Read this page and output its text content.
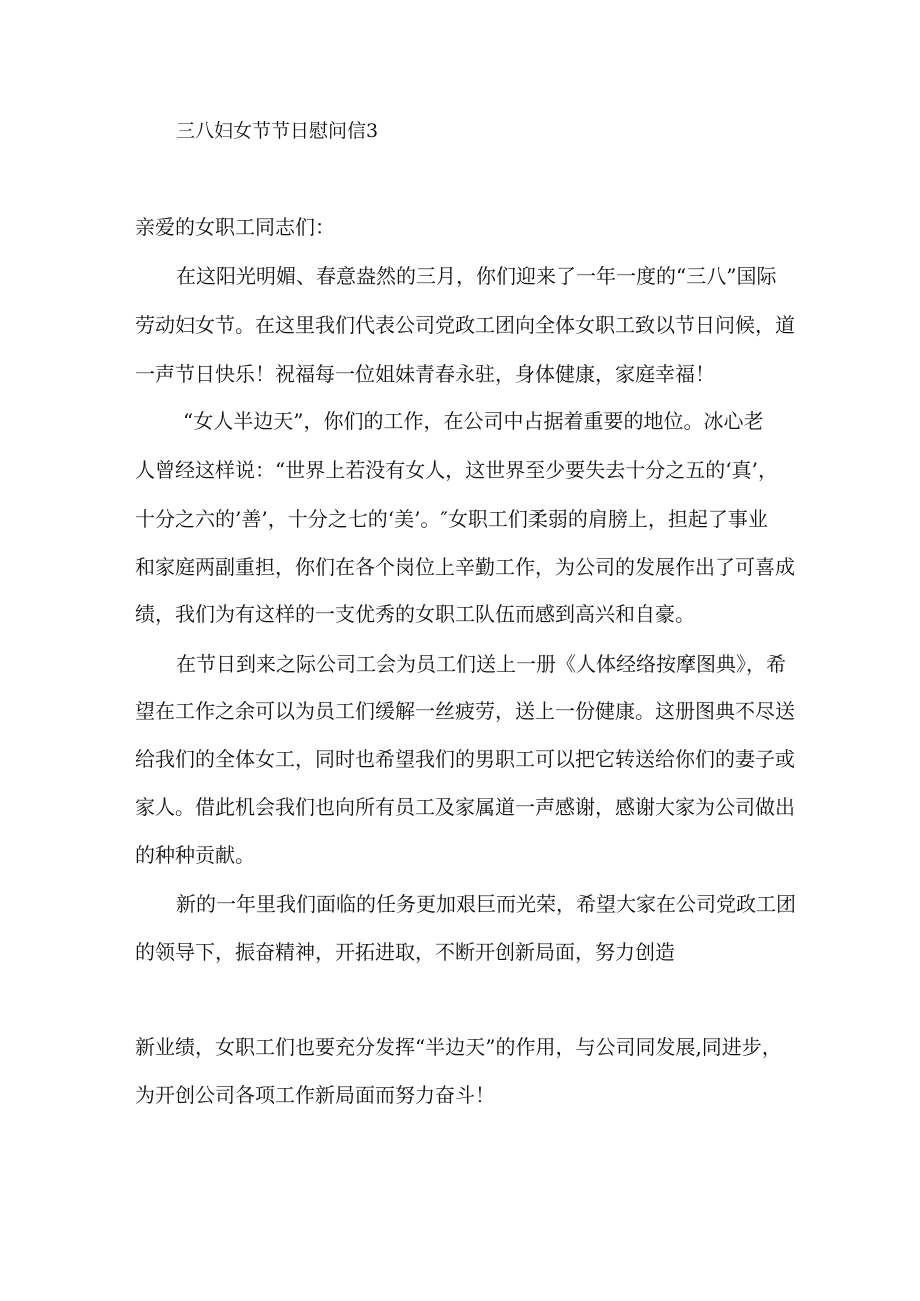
三八妇女节节日慰问信3

亲爱的女职工同志们：

在这阳光明媚、春意盎然的三月，你们迎来了一年一度的“三八”国际

劳动妇女节。在这里我们代表公司党政工团向全体女职工致以节日问候，道

一声节日快乐！祝福每一位姐妹青春永驻，身体健康，家庭幸福！

“女人半边天”，你们的工作，在公司中占据着重要的地位。冰心老

人曾经这样说：“世界上若没有女人，这世界至少要失去十分之五的‘真’，

十分之六的’善’，十分之七的‘美’。″女职工们柔弱的肩膀上，担起了事业

和家庭两副重担，你们在各个岗位上辛勤工作，为公司的发展作出了可喜成

绩，我们为有这样的一支优秀的女职工队伍而感到高兴和自豪。

在节日到来之际公司工会为员工们送上一册《人体经络按摩图典》，希

望在工作之余可以为员工们缓解一丝疲劳，送上一份健康。这册图典不尽送

给我们的全体女工，同时也希望我们的男职工可以把它转送给你们的妻子或

家人。借此机会我们也向所有员工及家属道一声感谢，感谢大家为公司做出

的种种贡献。

新的一年里我们面临的任务更加艰巨而光荣，希望大家在公司党政工团

的领导下，振奋精神，开拓进取，不断开创新局面，努力创造

新业绩，女职工们也要充分发挥“半边天”的作用，与公司同发展,同进步，

为开创公司各项工作新局面而努力奋斗！
